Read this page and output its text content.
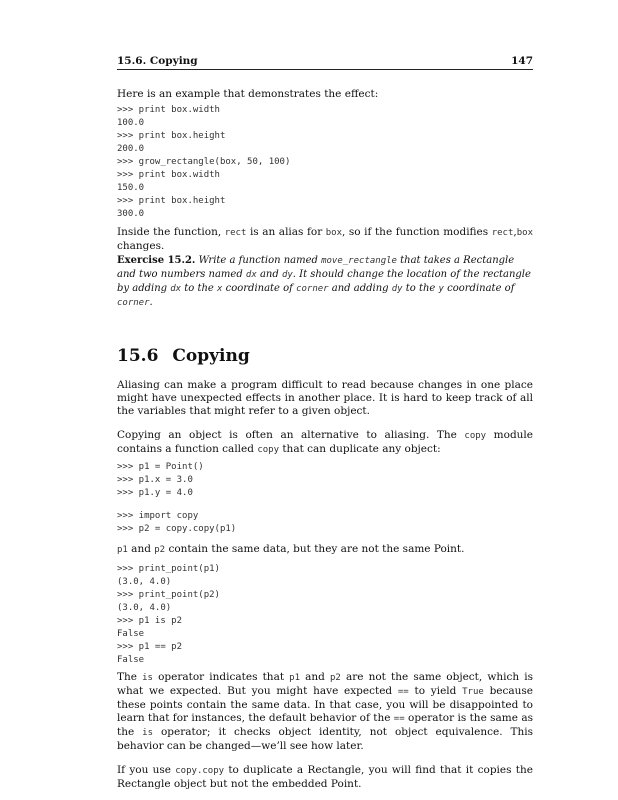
15.6. Copying	147

Here is an example that demonstrates the effect:

>>> print box.width
100.0
>>> print box.height
200.0
>>> grow_rectangle(box, 50, 100)
>>> print box.width
150.0
>>> print box.height
300.0

Inside the function, rect is an alias for box, so if the function modifies rect,box changes.

Exercise 15.2. Write a function named move_rectangle that takes a Rectangle and two numbers named dx and dy. It should change the location of the rectangle by adding dx to the x coordinate of corner and adding dy to the y coordinate of corner.

15.6 Copying

Aliasing can make a program difficult to read because changes in one place might have unexpected effects in another place. It is hard to keep track of all the variables that might refer to a given object.

Copying an object is often an alternative to aliasing. The copy module contains a function called copy that can duplicate any object:

>>> p1 = Point()
>>> p1.x = 3.0
>>> p1.y = 4.0
>>> import copy
>>> p2 = copy.copy(p1)

p1 and p2 contain the same data, but they are not the same Point.

>>> print_point(p1)
(3.0, 4.0)
>>> print_point(p2)
(3.0, 4.0)
>>> p1 is p2
False
>>> p1 == p2
False

The is operator indicates that p1 and p2 are not the same object, which is what we expected. But you might have expected == to yield True because these points contain the same data. In that case, you will be disappointed to learn that for instances, the default behavior of the == operator is the same as the is operator; it checks object identity, not object equivalence. This behavior can be changed—we’ll see how later.

If you use copy.copy to duplicate a Rectangle, you will find that it copies the Rectangle object but not the embedded Point.
